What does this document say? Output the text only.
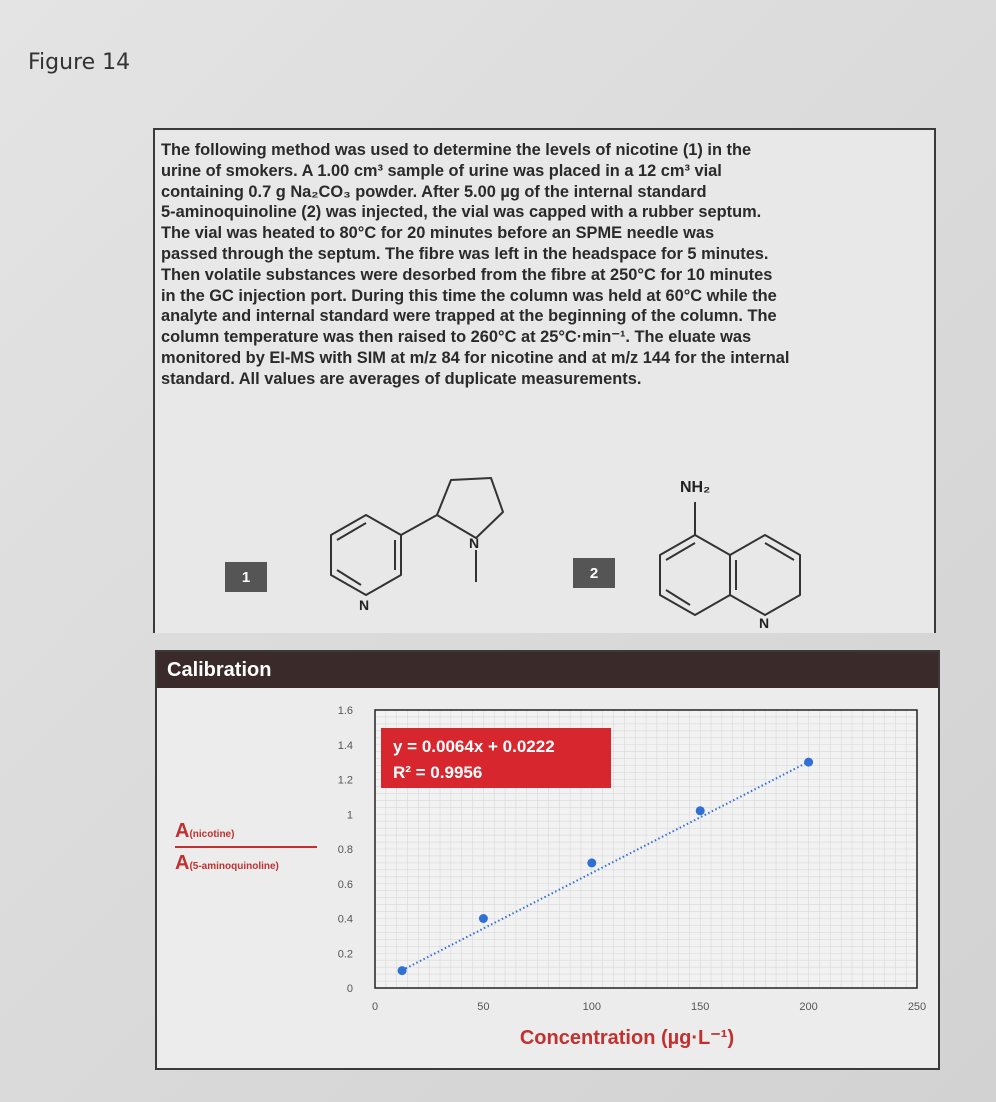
Figure 14
The following method was used to determine the levels of nicotine (1) in the
urine of smokers. A 1.00 cm³ sample of urine was placed in a 12 cm³ vial
containing 0.7 g Na₂CO₃ powder. After 5.00 µg of the internal standard
5-aminoquinoline (2) was injected, the vial was capped with a rubber septum.
The vial was heated to 80°C for 20 minutes before an SPME needle was
passed through the septum. The fibre was left in the headspace for 5 minutes.
Then volatile substances were desorbed from the fibre at 250°C for 10 minutes
in the GC injection port. During this time the column was held at 60°C while the
analyte and internal standard were trapped at the beginning of the column. The
column temperature was then raised to 260°C at 25°C·min⁻¹. The eluate was
monitored by EI-MS with SIM at m/z 84 for nicotine and at m/z 144 for the internal
standard. All values are averages of duplicate measurements.
1
N
N
2
NH₂
N
Calibration
A(nicotine)
A(5-aminoquinoline)
0
0.2
0.4
0.6
0.8
1
1.2
1.4
1.6
0	50	100	150	200	250
y = 0.0064x + 0.0222
R² = 0.9956
Concentration (µg·L⁻¹)
